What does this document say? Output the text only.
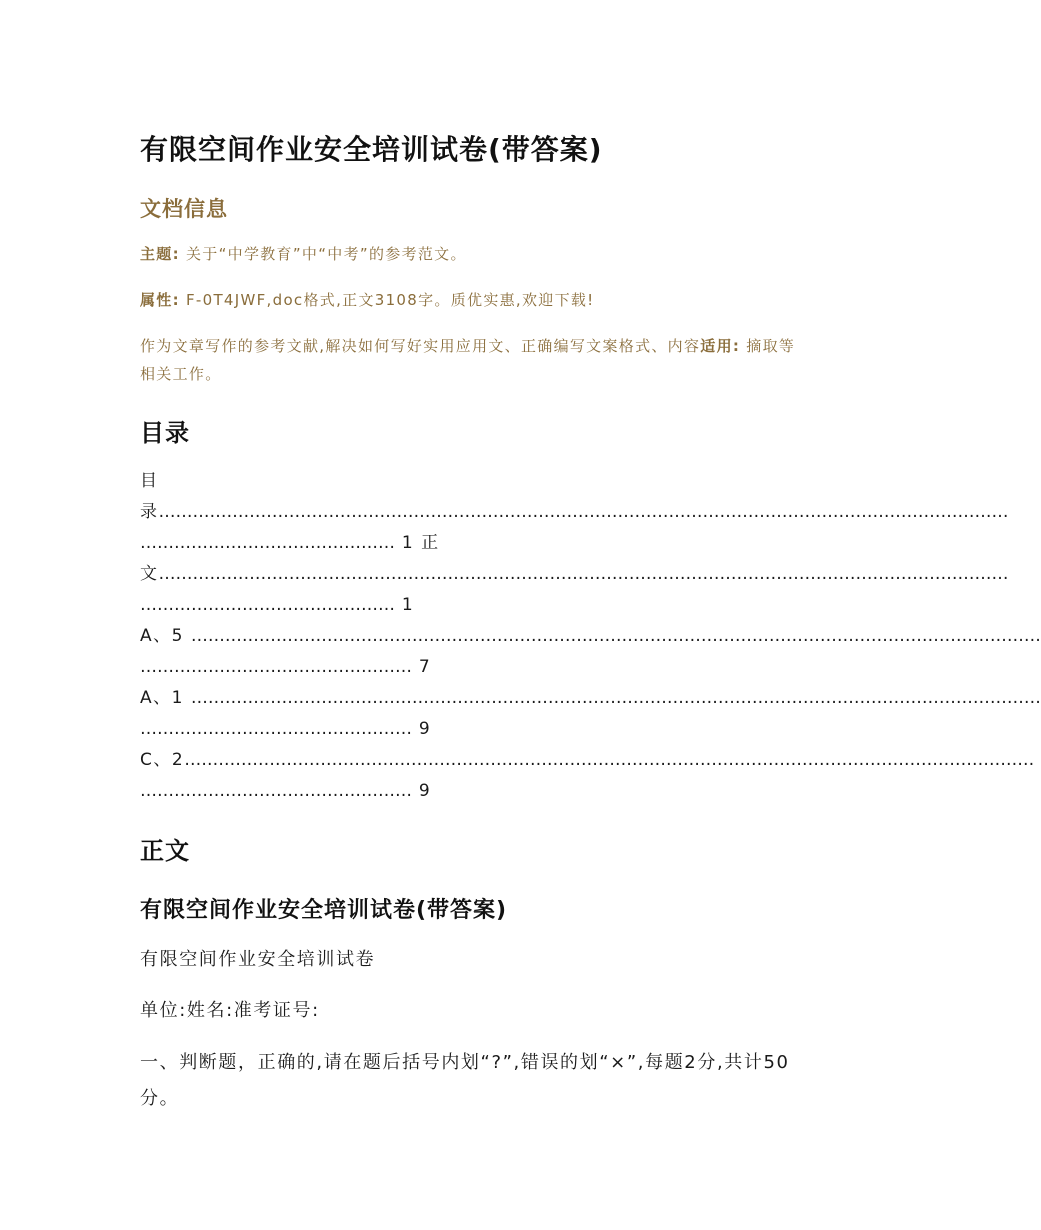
有限空间作业安全培训试卷(带答案)
文档信息
主题: 关于“中学教育”中“中考”的参考范文。
属性: F-0T4JWF,doc格式,正文3108字。质优实惠,欢迎下载!
作为文章写作的参考文献,解决如何写好实用应用文、正确编写文案格式、内容适用: 摘取等相关工作。
目录
目
录……………………………………………………………………………………………………………………………………
……………………………………… 1 正
文……………………………………………………………………………………………………………………………………
……………………………………… 1
A、5 ……………………………………………………………………………………………………………………………………
………………………………………… 7
A、1 ……………………………………………………………………………………………………………………………………
………………………………………… 9
C、2……………………………………………………………………………………………………………………………………
………………………………………… 9
正文
有限空间作业安全培训试卷(带答案)
有限空间作业安全培训试卷
单位:姓名:准考证号:
一、判断题，正确的,请在题后括号内划“?”,错误的划“×”,每题2分,共计50分。
